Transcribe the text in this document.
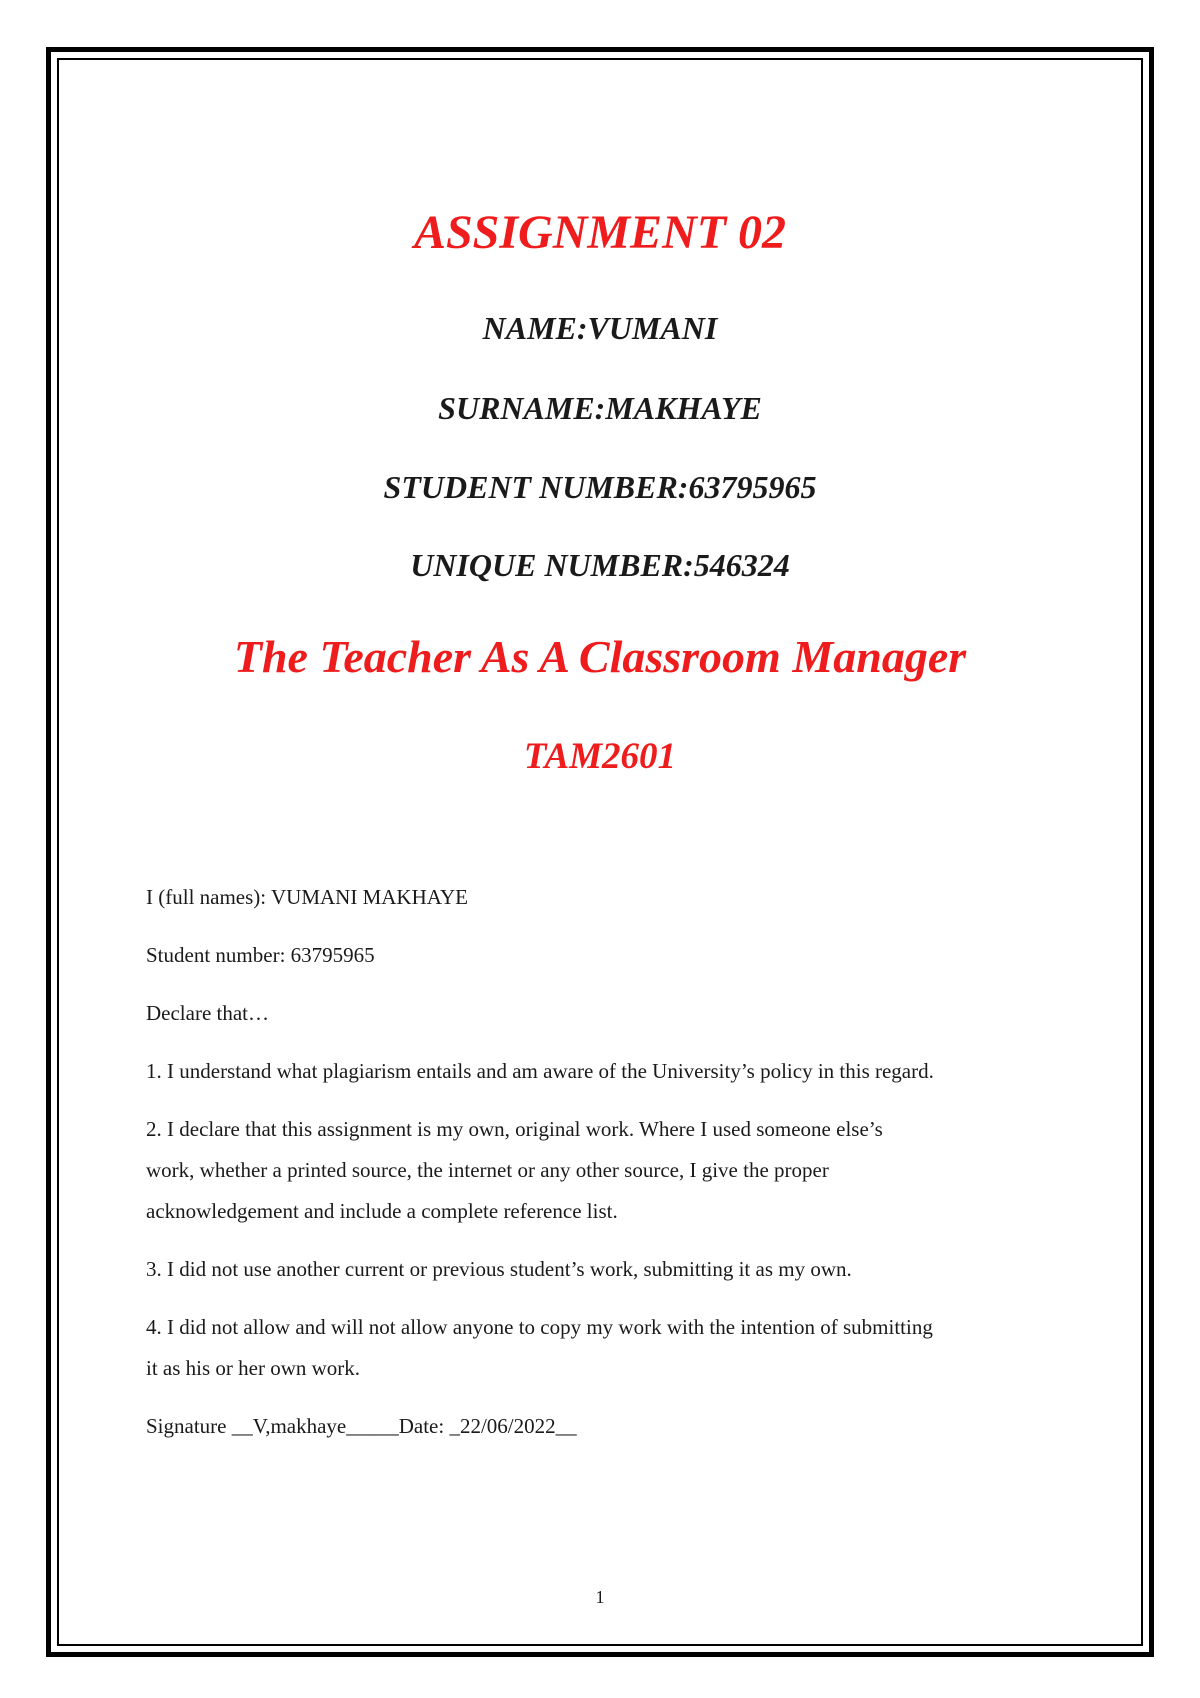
ASSIGNMENT 02
NAME:VUMANI
SURNAME:MAKHAYE
STUDENT NUMBER:63795965
UNIQUE NUMBER:546324
The Teacher As A Classroom Manager
TAM2601
I (full names): VUMANI MAKHAYE
Student number: 63795965
Declare that…
1. I understand what plagiarism entails and am aware of the University’s policy in this regard.
2. I declare that this assignment is my own, original work. Where I used someone else’s
work, whether a printed source, the internet or any other source, I give the proper
acknowledgement and include a complete reference list.
3. I did not use another current or previous student’s work, submitting it as my own.
4. I did not allow and will not allow anyone to copy my work with the intention of submitting
it as his or her own work.
Signature __V,makhaye_____Date: _22/06/2022__
1
